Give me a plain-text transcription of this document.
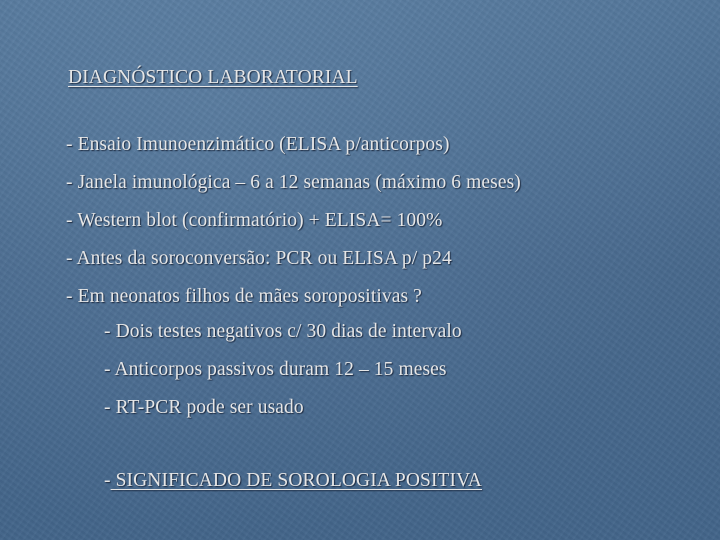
DIAGNÓSTICO LABORATORIAL
- Ensaio Imunoenzimático (ELISA p/anticorpos)
- Janela imunológica – 6 a 12 semanas (máximo 6 meses)
- Western blot (confirmatório) + ELISA= 100%
- Antes da soroconversão: PCR ou ELISA p/ p24
- Em neonatos filhos de mães soropositivas ?
- Dois testes negativos c/ 30 dias de intervalo
- Anticorpos passivos duram 12 – 15 meses
- RT-PCR pode ser usado
- SIGNIFICADO DE SOROLOGIA POSITIVA
